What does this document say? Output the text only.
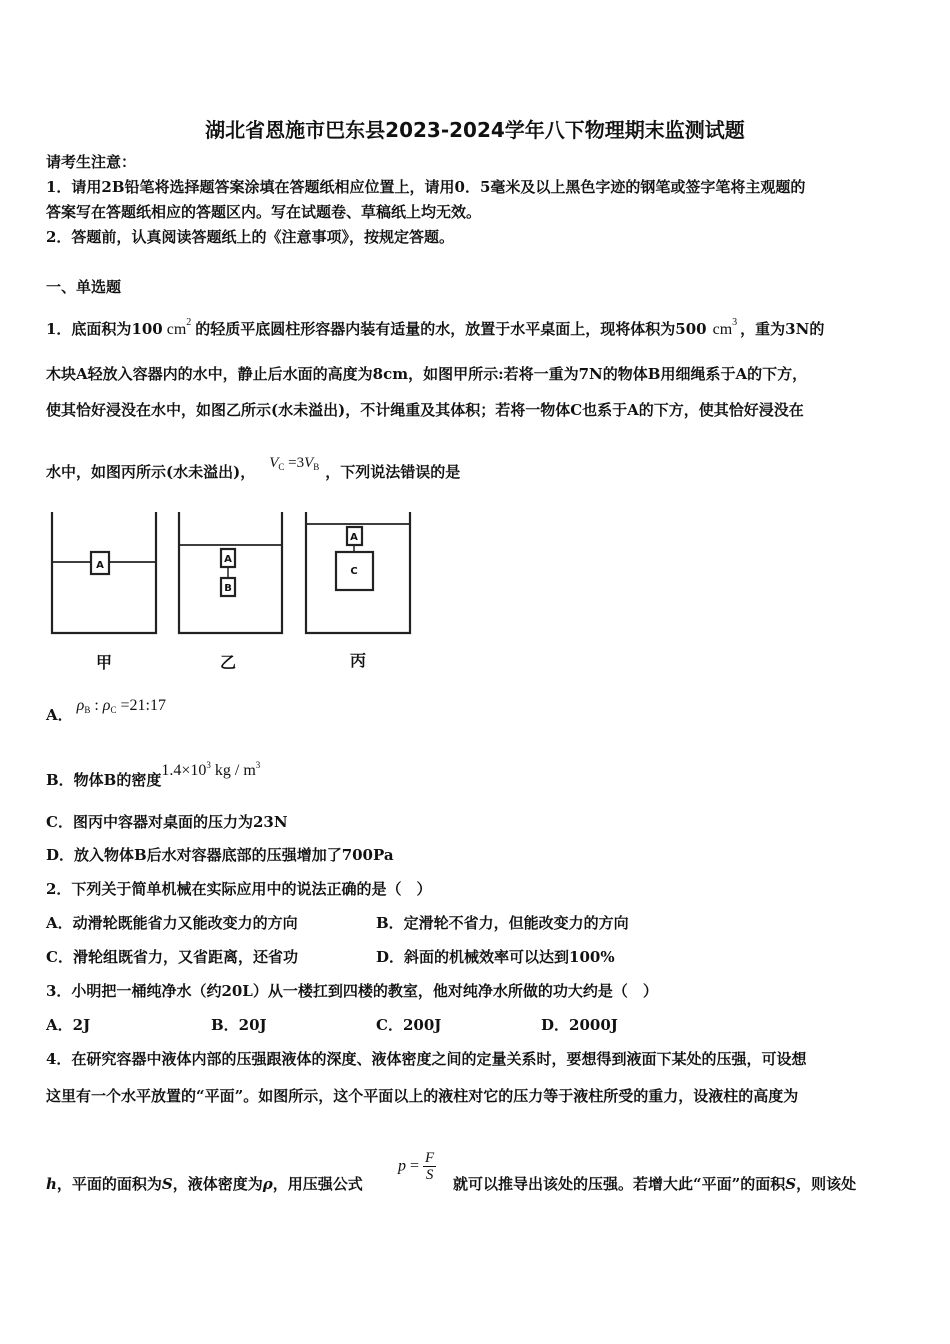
湖北省恩施市巴东县2023-2024学年八下物理期末监测试题
请考生注意：
1．请用2B铅笔将选择题答案涂填在答题纸相应位置上，请用0．5毫米及以上黑色字迹的钢笔或签字笔将主观题的
答案写在答题纸相应的答题区内。写在试题卷、草稿纸上均无效。
2．答题前，认真阅读答题纸上的《注意事项》，按规定答题。
一、单选题
1．底面积为100 $cm^2$ 的轻质平底圆柱形容器内装有适量的水，放置于水平桌面上，现将体积为500 $cm^3$ ，重为3N的
木块A轻放入容器内的水中，静止后水面的高度为8cm，如图甲所示:若将一重为7N的物体B用细绳系于A的下方，
使其恰好浸没在水中，如图乙所示(水未溢出)，不计绳重及其体积；若将一物体C也系于A的下方，使其恰好浸没在
水中，如图丙所示(水未溢出)， $V_C =3V_B$ ，下列说法错误的是
A
A
B
A
C
甲	乙	丙
A．$\rho_B$ : $\rho_C$ =21:17
B．物体B的密度$1.4\times 10^3$ kg / $m^3$
C．图丙中容器对桌面的压力为23N
D．放入物体B后水对容器底部的压强增加了700Pa
2．下列关于简单机械在实际应用中的说法正确的是（　）
A．动滑轮既能省力又能改变力的方向	B．定滑轮不省力，但能改变力的方向
C．滑轮组既省力，又省距离，还省功	D．斜面的机械效率可以达到100%
3．小明把一桶纯净水（约20L）从一楼扛到四楼的教室，他对纯净水所做的功大约是（　）
A．2J	B．20J	C．200J	D．2000J
4．在研究容器中液体内部的压强跟液体的深度、液体密度之间的定量关系时，要想得到液面下某处的压强，可设想
这里有一个水平放置的“平面”。如图所示，这个平面以上的液柱对它的压力等于液柱所受的重力，设液柱的高度为
h，平面的面积为S，液体密度为ρ，用压强公式
$p = \frac{F}{S}$
就可以推导出该处的压强。若增大此“平面”的面积S，则该处
